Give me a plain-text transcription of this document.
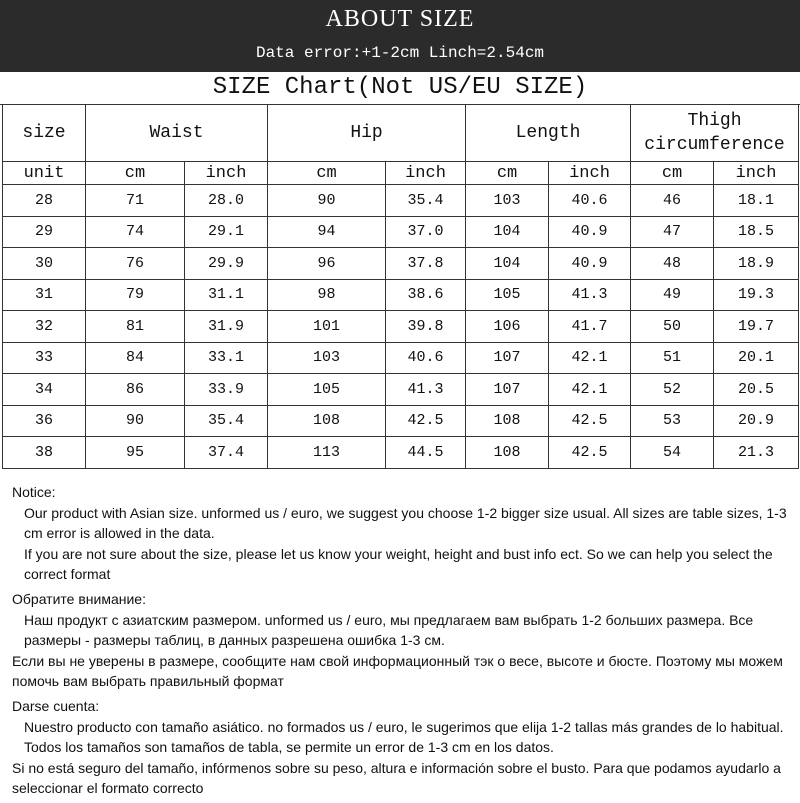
ABOUT SIZE
Data error:+1-2cm Linch=2.54cm
SIZE Chart(Not US/EU SIZE)
size	Waist		Hip		Length		Thigh circumference	
unit	cm	inch	cm	inch	cm	inch	cm	inch
28	71	28.0	90	35.4	103	40.6	46	18.1
29	74	29.1	94	37.0	104	40.9	47	18.5
30	76	29.9	96	37.8	104	40.9	48	18.9
31	79	31.1	98	38.6	105	41.3	49	19.3
32	81	31.9	101	39.8	106	41.7	50	19.7
33	84	33.1	103	40.6	107	42.1	51	20.1
34	86	33.9	105	41.3	107	42.1	52	20.5
36	90	35.4	108	42.5	108	42.5	53	20.9
38	95	37.4	113	44.5	108	42.5	54	21.3
Notice:
Our product with Asian size. unformed us / euro, we suggest you choose 1-2 bigger size usual. All sizes are table sizes, 1-3 cm error is allowed in the data.
If you are not sure about the size, please let us know your weight, height and bust info ect. So we can help you select the correct format
Обратите внимание:
Наш продукт с азиатским размером. unformed us / euro, мы предлагаем вам выбрать 1-2 больших размера. Все размеры - размеры таблиц, в данных разрешена ошибка 1-3 см.
Если вы не уверены в размере, сообщите нам свой информационный тэк о весе, высоте и бюсте. Поэтому мы можем помочь вам выбрать правильный формат
Darse cuenta:
Nuestro producto con tamaño asiático. no formados us / euro, le sugerimos que elija 1-2 tallas más grandes de lo habitual. Todos los tamaños son tamaños de tabla, se permite un error de 1-3 cm en los datos.
Si no está seguro del tamaño, infórmenos sobre su peso, altura e información sobre el busto. Para que podamos ayudarlo a seleccionar el formato correcto
